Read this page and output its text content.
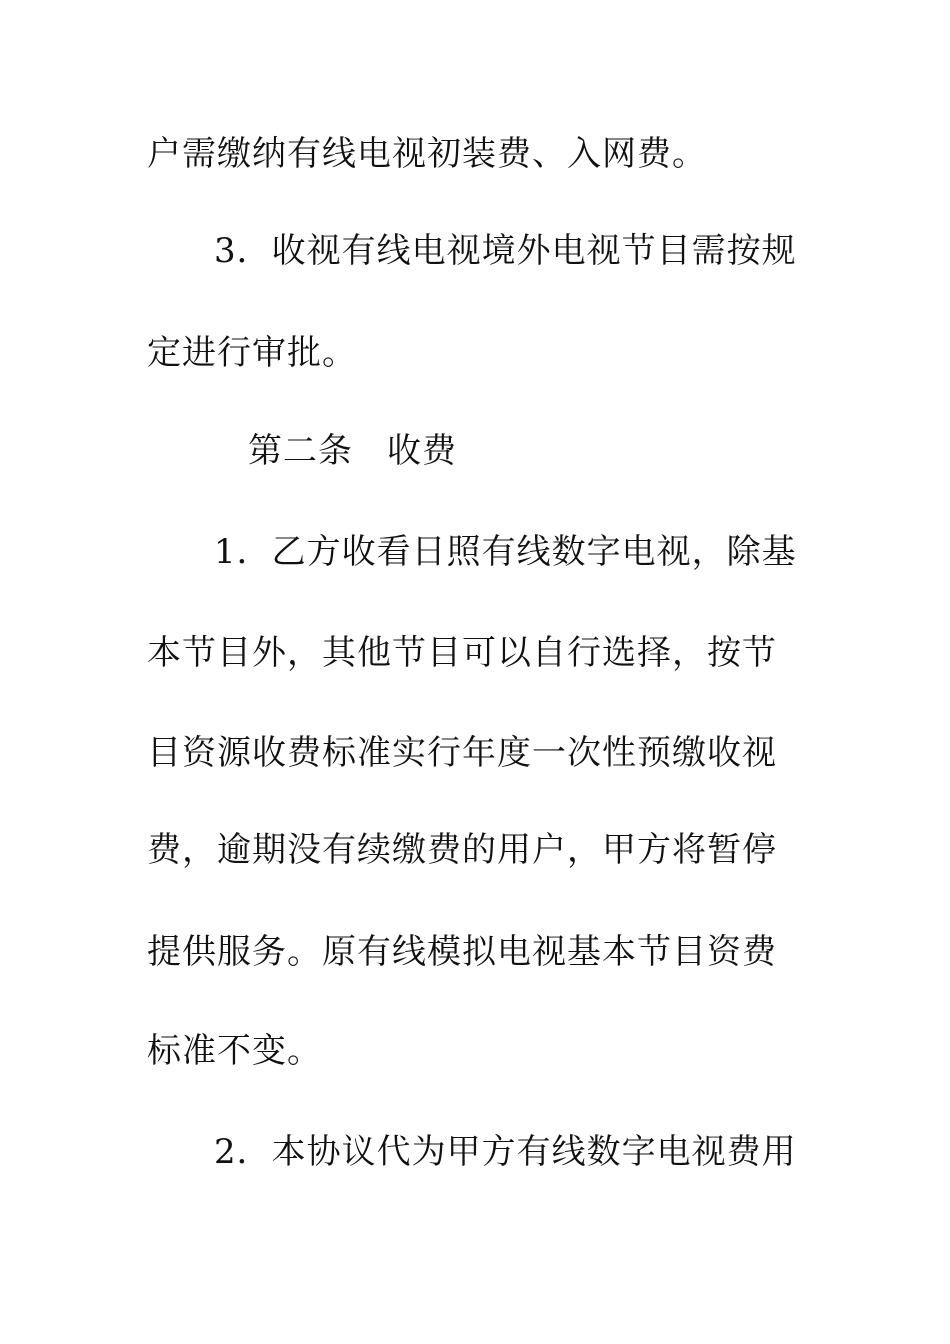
户需缴纳有线电视初装费、入网费。
3．收视有线电视境外电视节目需按规
定进行审批。
第二条 收费
1．乙方收看日照有线数字电视，除基
本节目外，其他节目可以自行选择，按节
目资源收费标准实行年度一次性预缴收视
费，逾期没有续缴费的用户，甲方将暂停
提供服务。原有线模拟电视基本节目资费
标准不变。
2．本协议代为甲方有线数字电视费用
